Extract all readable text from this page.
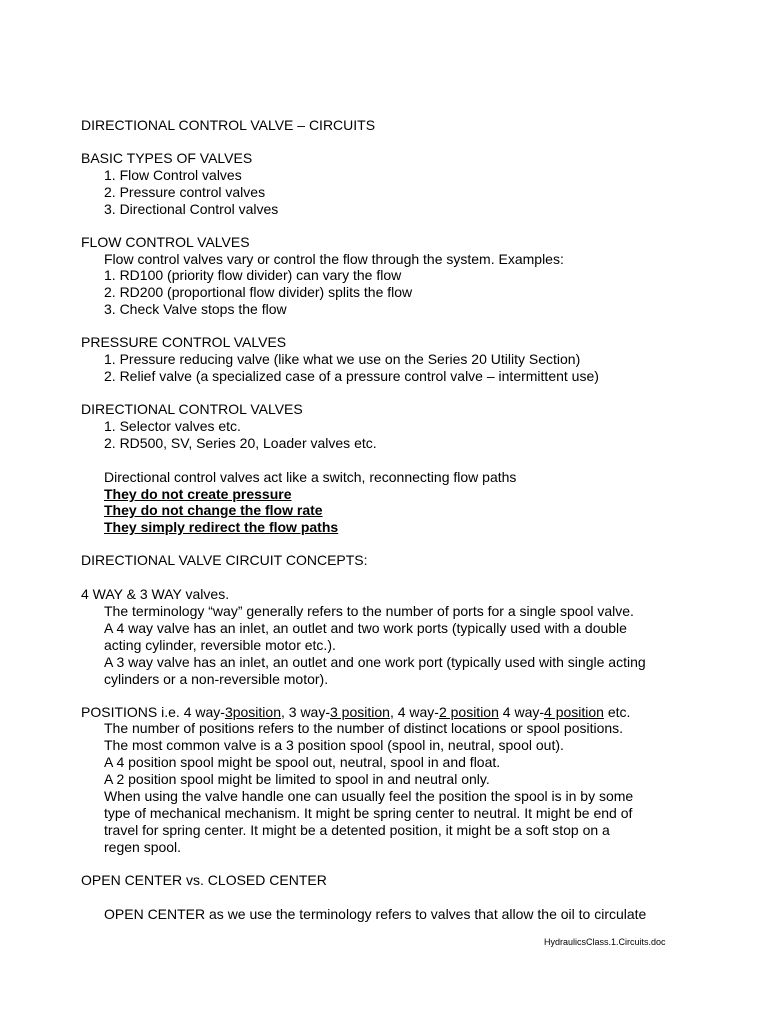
DIRECTIONAL CONTROL VALVE – CIRCUITS
BASIC TYPES OF VALVES
1. Flow Control valves
2. Pressure control valves
3. Directional Control valves
FLOW CONTROL VALVES
Flow control valves vary or control the flow through the system. Examples:
1. RD100 (priority flow divider) can vary the flow
2. RD200 (proportional flow divider) splits the flow
3. Check Valve stops the flow
PRESSURE CONTROL VALVES
1. Pressure reducing valve (like what we use on the Series 20 Utility Section)
2. Relief valve (a specialized case of a pressure control valve – intermittent use)
DIRECTIONAL CONTROL VALVES
1. Selector valves etc.
2. RD500, SV, Series 20, Loader valves etc.
Directional control valves act like a switch, reconnecting flow paths
They do not create pressure
They do not change the flow rate
They simply redirect the flow paths
DIRECTIONAL VALVE CIRCUIT CONCEPTS:
4 WAY & 3 WAY valves.
The terminology “way” generally refers to the number of ports for a single spool valve.
A 4 way valve has an inlet, an outlet and two work ports (typically used with a double
acting cylinder, reversible motor etc.).
A 3 way valve has an inlet, an outlet and one work port (typically used with single acting
cylinders or a non-reversible motor).
POSITIONS i.e. 4 way-3position, 3 way-3 position, 4 way-2 position 4 way-4 position etc.
The number of positions refers to the number of distinct locations or spool positions.
The most common valve is a 3 position spool (spool in, neutral, spool out).
A 4 position spool might be spool out, neutral, spool in and float.
A 2 position spool might be limited to spool in and neutral only.
When using the valve handle one can usually feel the position the spool is in by some
type of mechanical mechanism. It might be spring center to neutral. It might be end of
travel for spring center. It might be a detented position, it might be a soft stop on a
regen spool.
OPEN CENTER vs. CLOSED CENTER
OPEN CENTER as we use the terminology refers to valves that allow the oil to circulate
HydraulicsClass.1.Circuits.doc
